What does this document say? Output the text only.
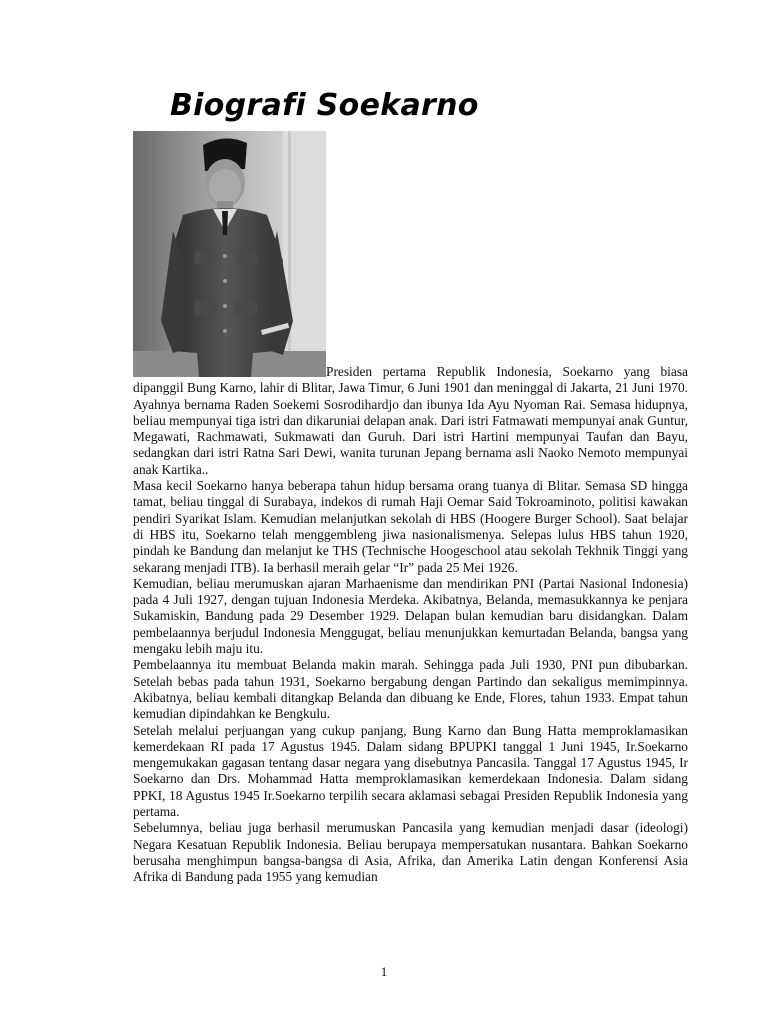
Biografi Soekarno

Presiden pertama Republik Indonesia, Soekarno yang biasa dipanggil Bung Karno, lahir di Blitar, Jawa Timur, 6 Juni 1901 dan meninggal di Jakarta, 21 Juni 1970. Ayahnya bernama Raden Soekemi Sosrodihardjo dan ibunya Ida Ayu Nyoman Rai. Semasa hidupnya, beliau mempunyai tiga istri dan dikaruniai delapan anak. Dari istri Fatmawati mempunyai anak Guntur, Megawati, Rachmawati, Sukmawati dan Guruh. Dari istri Hartini mempunyai Taufan dan Bayu, sedangkan dari istri Ratna Sari Dewi, wanita turunan Jepang bernama asli Naoko Nemoto mempunyai anak Kartika..

Masa kecil Soekarno hanya beberapa tahun hidup bersama orang tuanya di Blitar. Semasa SD hingga tamat, beliau tinggal di Surabaya, indekos di rumah Haji Oemar Said Tokroaminoto, politisi kawakan pendiri Syarikat Islam. Kemudian melanjutkan sekolah di HBS (Hoogere Burger School). Saat belajar di HBS itu, Soekarno telah menggembleng jiwa nasionalismenya. Selepas lulus HBS tahun 1920, pindah ke Bandung dan melanjut ke THS (Technische Hoogeschool atau sekolah Tekhnik Tinggi yang sekarang menjadi ITB). Ia berhasil meraih gelar “Ir” pada 25 Mei 1926.

Kemudian, beliau merumuskan ajaran Marhaenisme dan mendirikan PNI (Partai Nasional Indonesia) pada 4 Juli 1927, dengan tujuan Indonesia Merdeka. Akibatnya, Belanda, memasukkannya ke penjara Sukamiskin, Bandung pada 29 Desember 1929. Delapan bulan kemudian baru disidangkan. Dalam pembelaannya berjudul Indonesia Menggugat, beliau menunjukkan kemurtadan Belanda, bangsa yang mengaku lebih maju itu.

Pembelaannya itu membuat Belanda makin marah. Sehingga pada Juli 1930, PNI pun dibubarkan. Setelah bebas pada tahun 1931, Soekarno bergabung dengan Partindo dan sekaligus memimpinnya. Akibatnya, beliau kembali ditangkap Belanda dan dibuang ke Ende, Flores, tahun 1933. Empat tahun kemudian dipindahkan ke Bengkulu.

Setelah melalui perjuangan yang cukup panjang, Bung Karno dan Bung Hatta memproklamasikan kemerdekaan RI pada 17 Agustus 1945. Dalam sidang BPUPKI tanggal 1 Juni 1945, Ir.Soekarno mengemukakan gagasan tentang dasar negara yang disebutnya Pancasila. Tanggal 17 Agustus 1945, Ir Soekarno dan Drs. Mohammad Hatta memproklamasikan kemerdekaan Indonesia. Dalam sidang PPKI, 18 Agustus 1945 Ir.Soekarno terpilih secara aklamasi sebagai Presiden Republik Indonesia yang pertama.

Sebelumnya, beliau juga berhasil merumuskan Pancasila yang kemudian menjadi dasar (ideologi) Negara Kesatuan Republik Indonesia. Beliau berupaya mempersatukan nusantara. Bahkan Soekarno berusaha menghimpun bangsa-bangsa di Asia, Afrika, dan Amerika Latin dengan Konferensi Asia Afrika di Bandung pada 1955 yang kemudian

1
